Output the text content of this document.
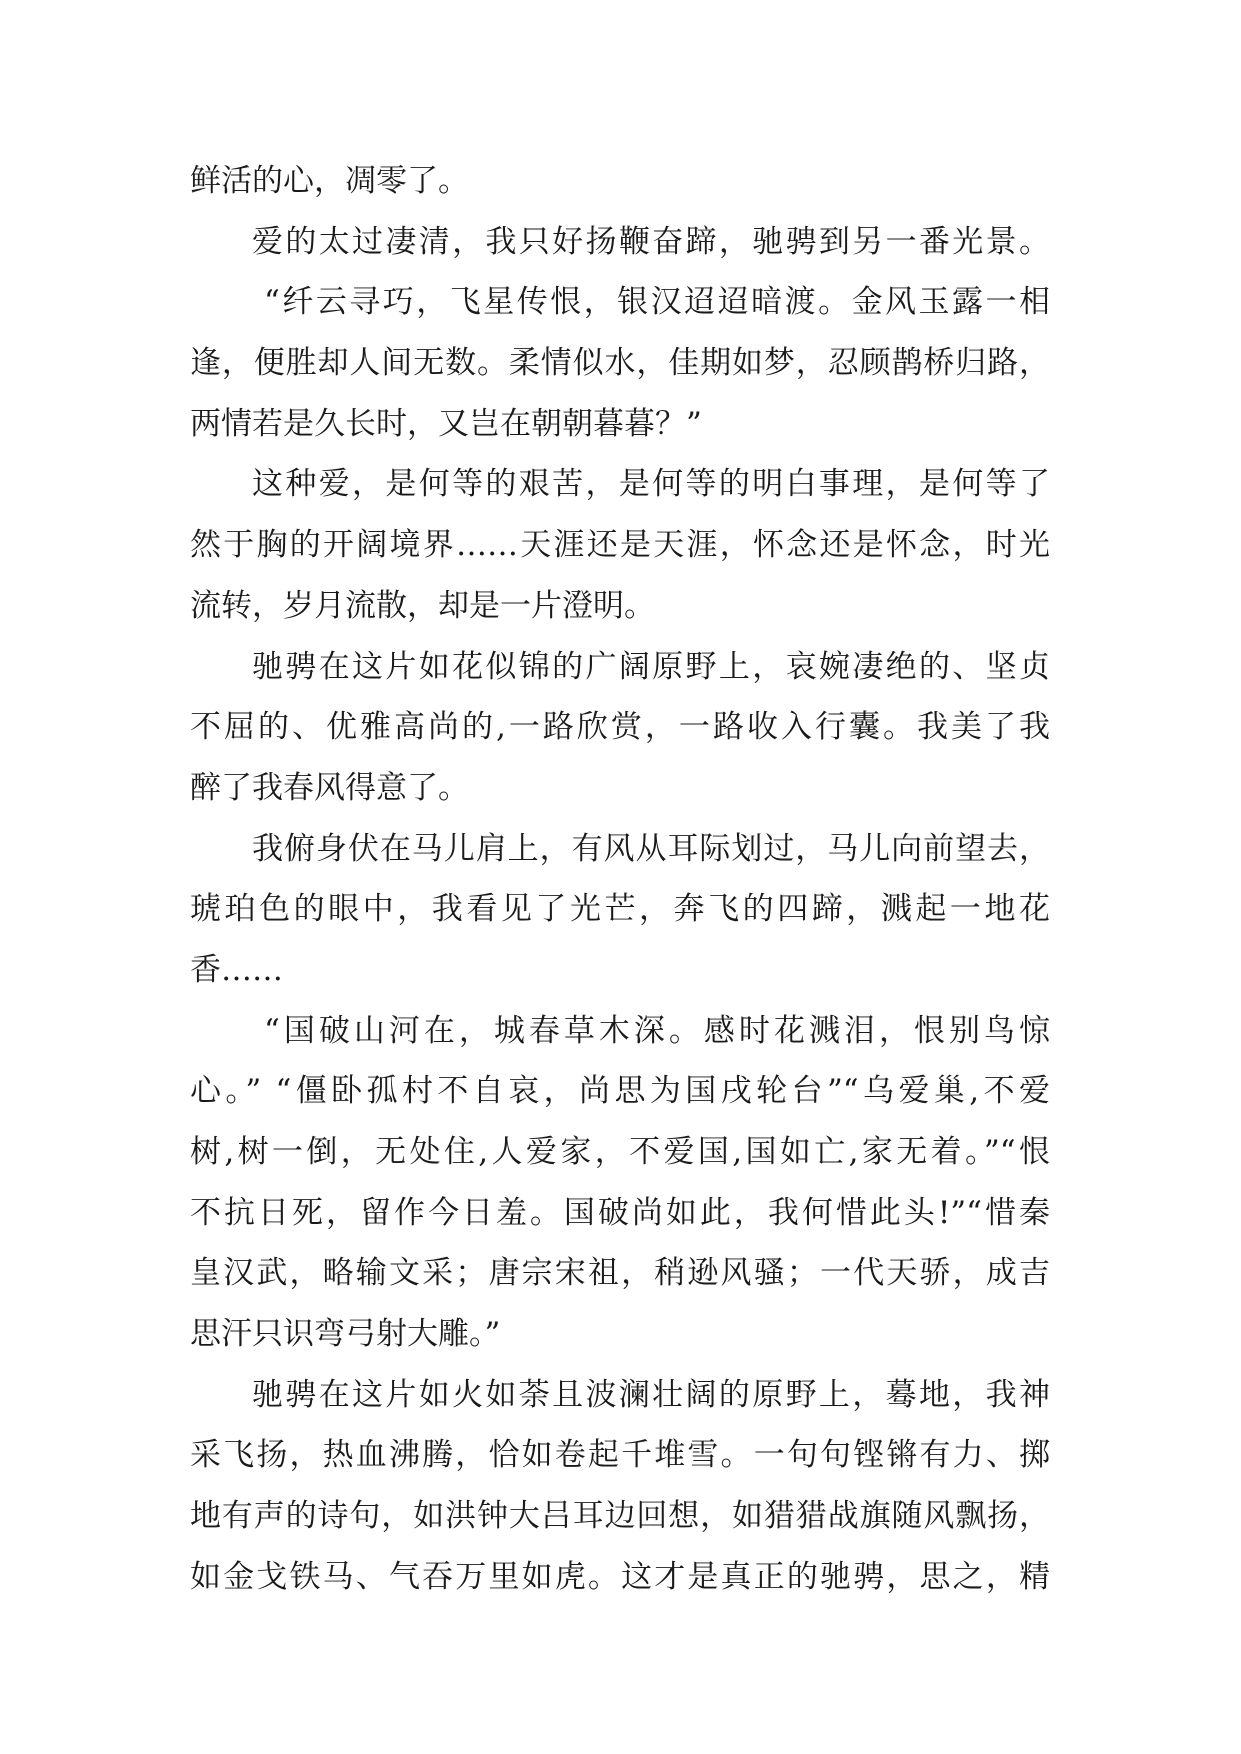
鲜活的心，凋零了。
爱的太过凄清，我只好扬鞭奋蹄，驰骋到另一番光景。
“纤云寻巧，飞星传恨，银汉迢迢暗渡。金风玉露一相
逢，便胜却人间无数。柔情似水，佳期如梦，忍顾鹊桥归路，
两情若是久长时，又岂在朝朝暮暮？”
这种爱，是何等的艰苦，是何等的明白事理，是何等了
然于胸的开阔境界……天涯还是天涯，怀念还是怀念，时光
流转，岁月流散，却是一片澄明。
驰骋在这片如花似锦的广阔原野上，哀婉凄绝的、坚贞
不屈的、优雅高尚的,一路欣赏，一路收入行囊。我美了我
醉了我春风得意了。
我俯身伏在马儿肩上，有风从耳际划过，马儿向前望去，
琥珀色的眼中，我看见了光芒，奔飞的四蹄，溅起一地花
香……
“国破山河在，城春草木深。感时花溅泪，恨别鸟惊
心。” “僵卧孤村不自哀，尚思为国戌轮台”“乌爱巢,不爱
树,树一倒，无处住,人爱家，不爱国,国如亡,家无着。”“恨
不抗日死，留作今日羞。国破尚如此，我何惜此头!”“惜秦
皇汉武，略输文采；唐宗宋祖，稍逊风骚；一代天骄，成吉
思汗只识弯弓射大雕。”
驰骋在这片如火如荼且波澜壮阔的原野上，蓦地，我神
采飞扬，热血沸腾，恰如卷起千堆雪。一句句铿锵有力、掷
地有声的诗句，如洪钟大吕耳边回想，如猎猎战旗随风飘扬，
如金戈铁马、气吞万里如虎。这才是真正的驰骋，思之，精
